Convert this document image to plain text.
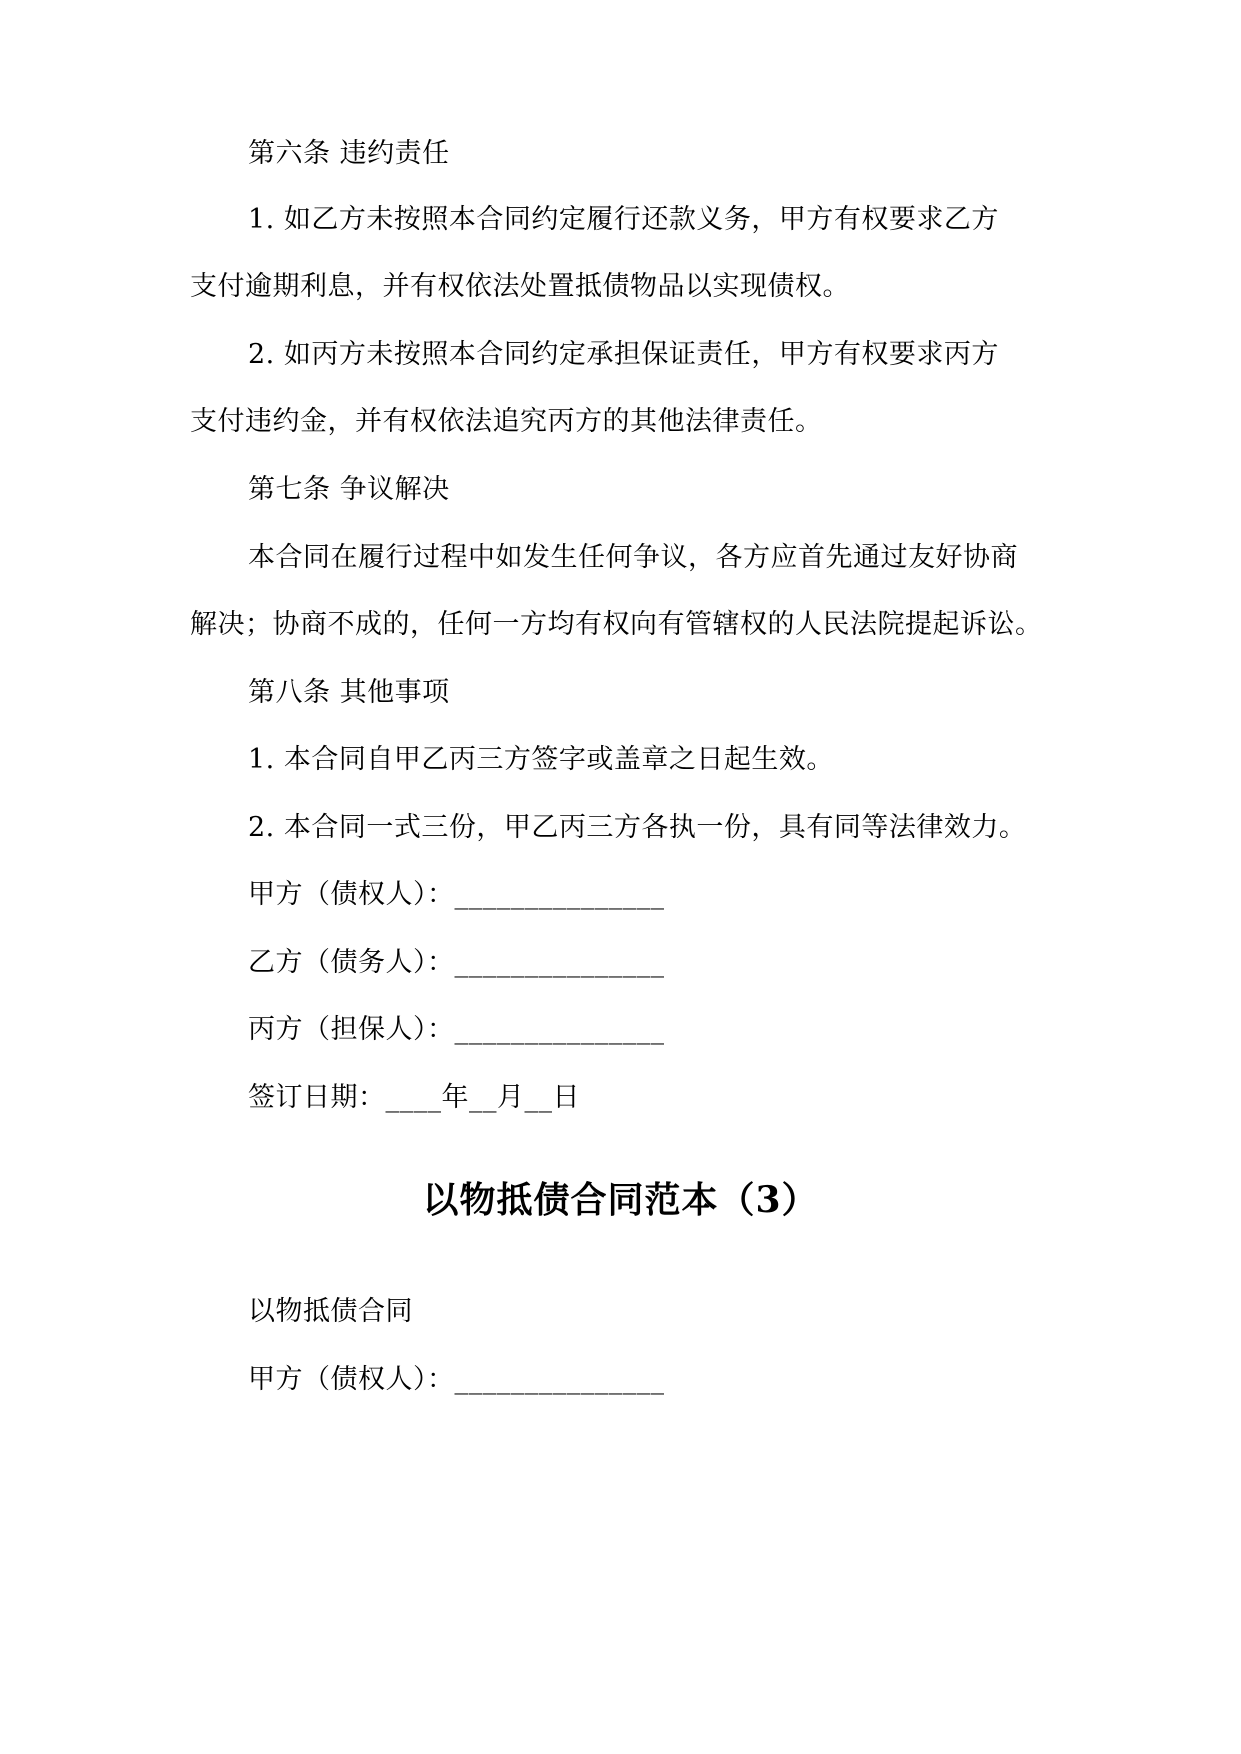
第六条 违约责任
1. 如乙方未按照本合同约定履行还款义务，甲方有权要求乙方
支付逾期利息，并有权依法处置抵债物品以实现债权。
2. 如丙方未按照本合同约定承担保证责任，甲方有权要求丙方
支付违约金，并有权依法追究丙方的其他法律责任。
第七条 争议解决
本合同在履行过程中如发生任何争议，各方应首先通过友好协商
解决；协商不成的，任何一方均有权向有管辖权的人民法院提起诉讼。
第八条 其他事项
1. 本合同自甲乙丙三方签字或盖章之日起生效。
2. 本合同一式三份，甲乙丙三方各执一份，具有同等法律效力。
甲方（债权人）：_______________
乙方（债务人）：_______________
丙方（担保人）：_______________
签订日期：____年__月__日
以物抵债合同范本（3）
以物抵债合同
甲方（债权人）：_______________
